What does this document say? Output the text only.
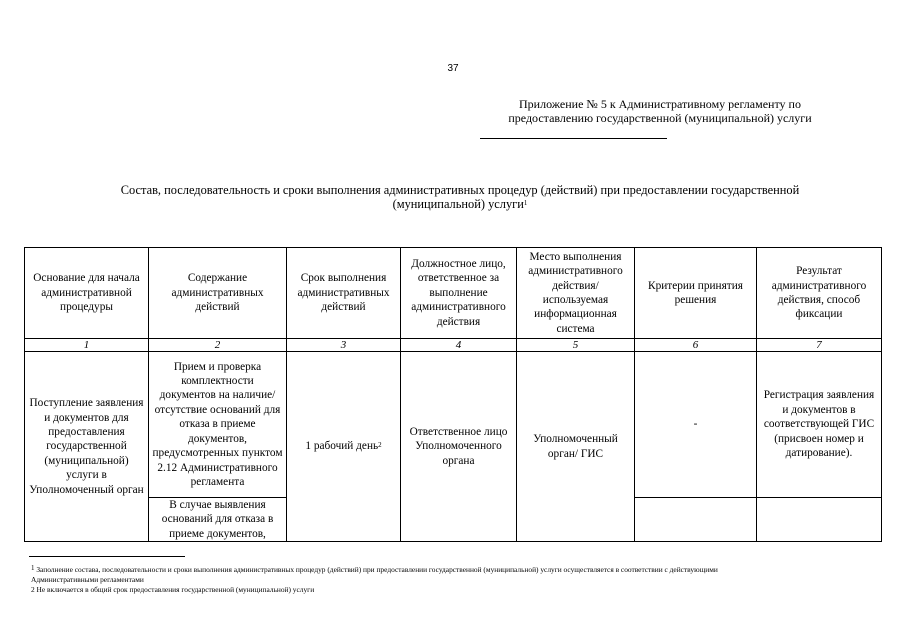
37
Приложение № 5 к Административному регламенту по
предоставлению государственной (муниципальной) услуги
Состав, последовательность и сроки выполнения административных процедур (действий) при предоставлении государственной
(муниципальной) услуги$^1$
Основание для начала административной процедуры	Содержание административных действий	Срок выполнения административных действий	Должностное лицо, ответственное за выполнение административного действия	Место выполнения административного действия/ используемая информационная система	Критерии принятия решения	Результат административного действия, способ фиксации
1	2	3	4	5	6	7
Поступление заявления и документов для предоставления государственной (муниципальной) услуги в Уполномоченный орган	Прием и проверка комплектности документов на наличие/отсутствие оснований для отказа в приеме документов, предусмотренных пунктом 2.12 Административного регламента	1 рабочий день$^2$	Ответственное лицо Уполномоченного органа	Уполномоченный орган/ ГИС	-	Регистрация заявления и документов в соответствующей ГИС (присвоен номер и датирование).
	В случае выявления оснований для отказа в приеме документов,					
$^1$ Заполнение состава, последовательности и сроки выполнения административных процедур (действий) при предоставлении государственной (муниципальной) услуги осуществляется в соответствии с действующими
Административными регламентами
2 Не включается в общий срок предоставления государственной (муниципальной) услуги
